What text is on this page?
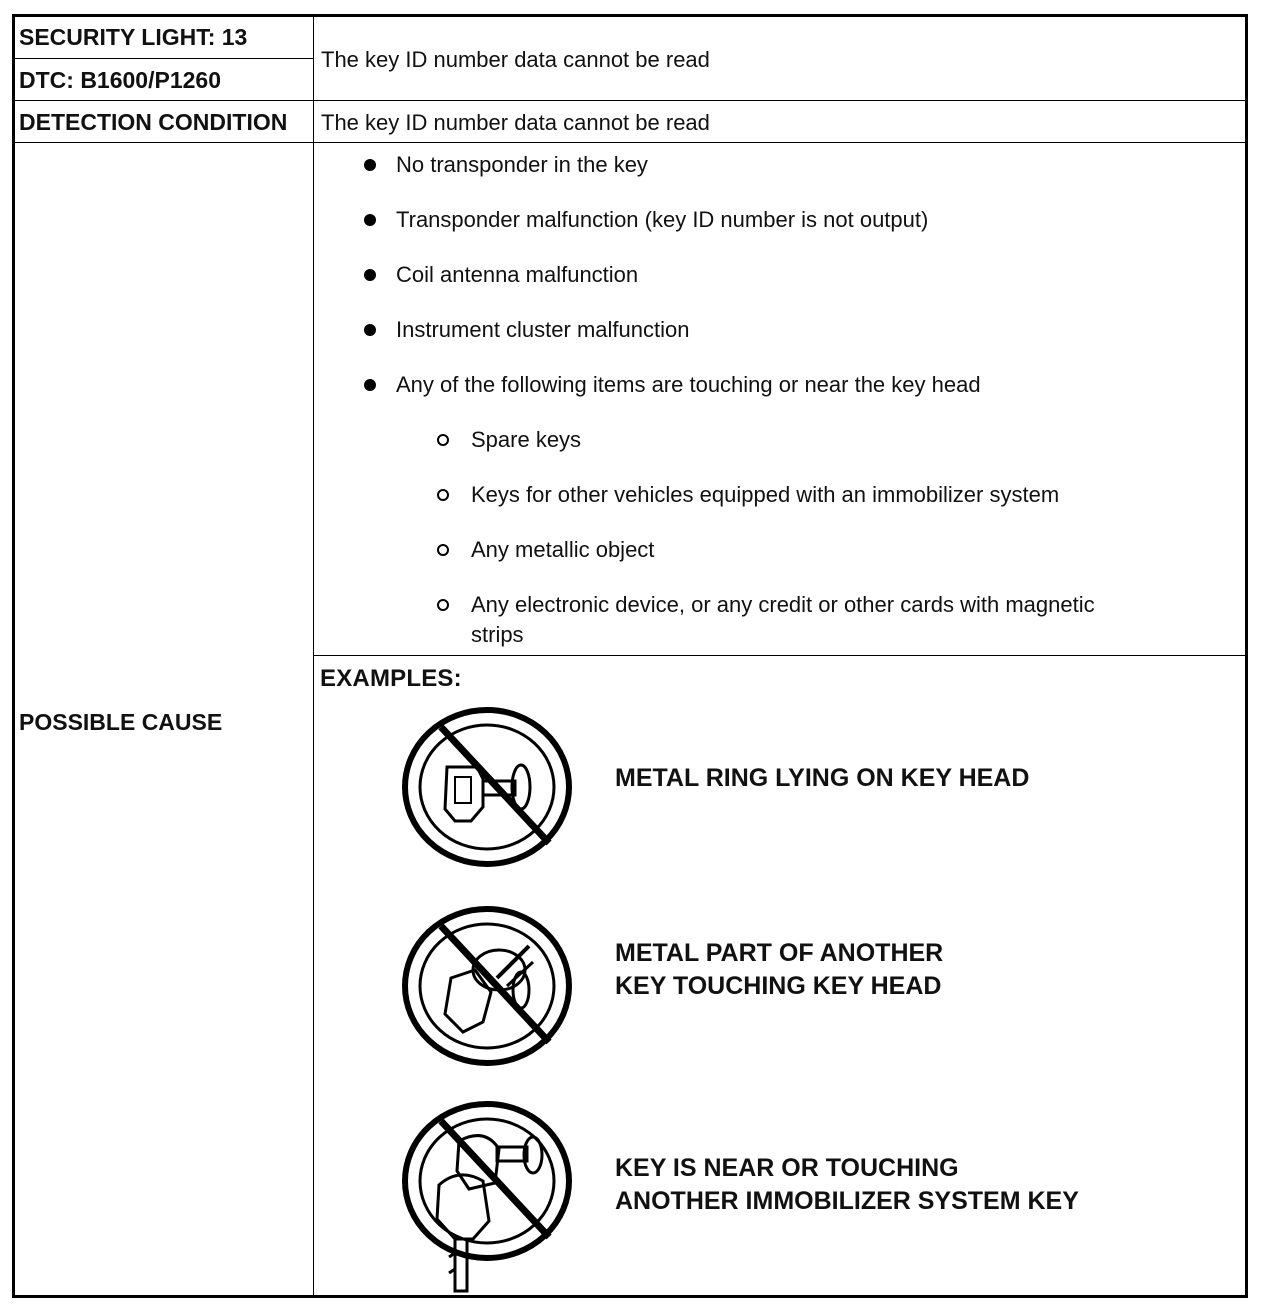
SECURITY LIGHT: 13
DTC: B1600/P1260
The key ID number data cannot be read
DETECTION CONDITION The key ID number data cannot be read
POSSIBLE CAUSE
No transponder in the key
Transponder malfunction (key ID number is not output)
Coil antenna malfunction
Instrument cluster malfunction
Any of the following items are touching or near the key head
Spare keys
Keys for other vehicles equipped with an immobilizer system
Any metallic object
Any electronic device, or any credit or other cards with magnetic
strips
EXAMPLES:
METAL RING LYING ON KEY HEAD
METAL PART OF ANOTHER
KEY TOUCHING KEY HEAD
KEY IS NEAR OR TOUCHING
ANOTHER IMMOBILIZER SYSTEM KEY
